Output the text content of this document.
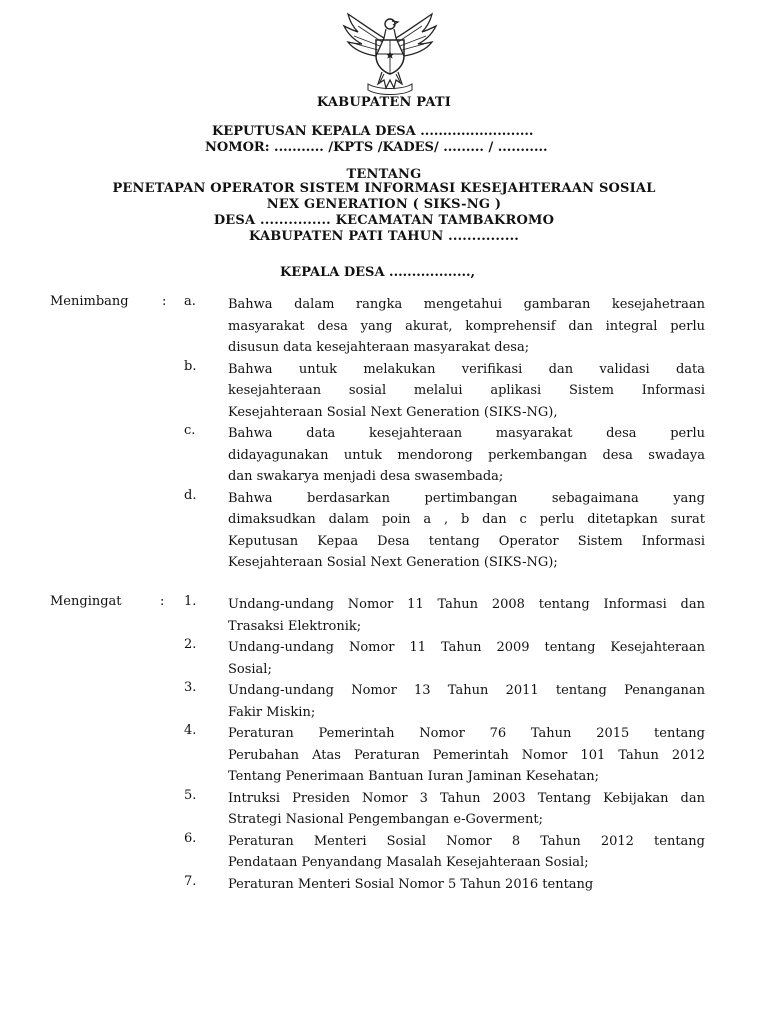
KABUPATEN PATI
KEPUTUSAN KEPALA DESA .........................
NOMOR: ........... /KPTS /KADES/ ......... / ...........
TENTANG
PENETAPAN OPERATOR SISTEM INFORMASI KESEJAHTERAAN SOSIAL
NEX GENERATION ( SIKS-NG )
DESA ............... KECAMATAN TAMBAKROMO
KABUPATEN PATI TAHUN ...............
KEPALA DESA ..................,
Menimbang	: a. Bahwa dalam rangka mengetahui gambaran kesejahetraan
masyarakat desa yang akurat, komprehensif dan integral perlu
disusun data kesejahteraan masyarakat desa;
b. Bahwa untuk melakukan verifikasi dan validasi data
kesejahteraan sosial melalui aplikasi Sistem Informasi
Kesejahteraan Sosial Next Generation (SIKS-NG),
c.	Bahwa data kesejahteraan masyarakat desa perlu
didayagunakan untuk mendorong perkembangan desa swadaya
dan swakarya menjadi desa swasembada;
d. Bahwa berdasarkan pertimbangan sebagaimana yang
dimaksudkan dalam poin a , b dan c perlu ditetapkan surat
Keputusan Kepaa Desa tentang Operator Sistem Informasi
Kesejahteraan Sosial Next Generation (SIKS-NG);
Mengingat	: 1. Undang-undang Nomor 11 Tahun 2008 tentang Informasi dan
Trasaksi Elektronik;
2. Undang-undang Nomor 11 Tahun 2009 tentang Kesejahteraan
Sosial;
3. Undang-undang Nomor 13 Tahun 2011 tentang Penanganan
Fakir Miskin;
4. Peraturan Pemerintah Nomor 76 Tahun 2015 tentang
Perubahan Atas Peraturan Pemerintah Nomor 101 Tahun 2012
Tentang Penerimaan Bantuan Iuran Jaminan Kesehatan;
5. Intruksi Presiden Nomor 3 Tahun 2003 Tentang Kebijakan dan
Strategi Nasional Pengembangan e-Goverment;
6. Peraturan Menteri Sosial Nomor 8 Tahun 2012 tentang
Pendataan Penyandang Masalah Kesejahteraan Sosial;
7. Peraturan Menteri Sosial Nomor 5 Tahun 2016 tentang
